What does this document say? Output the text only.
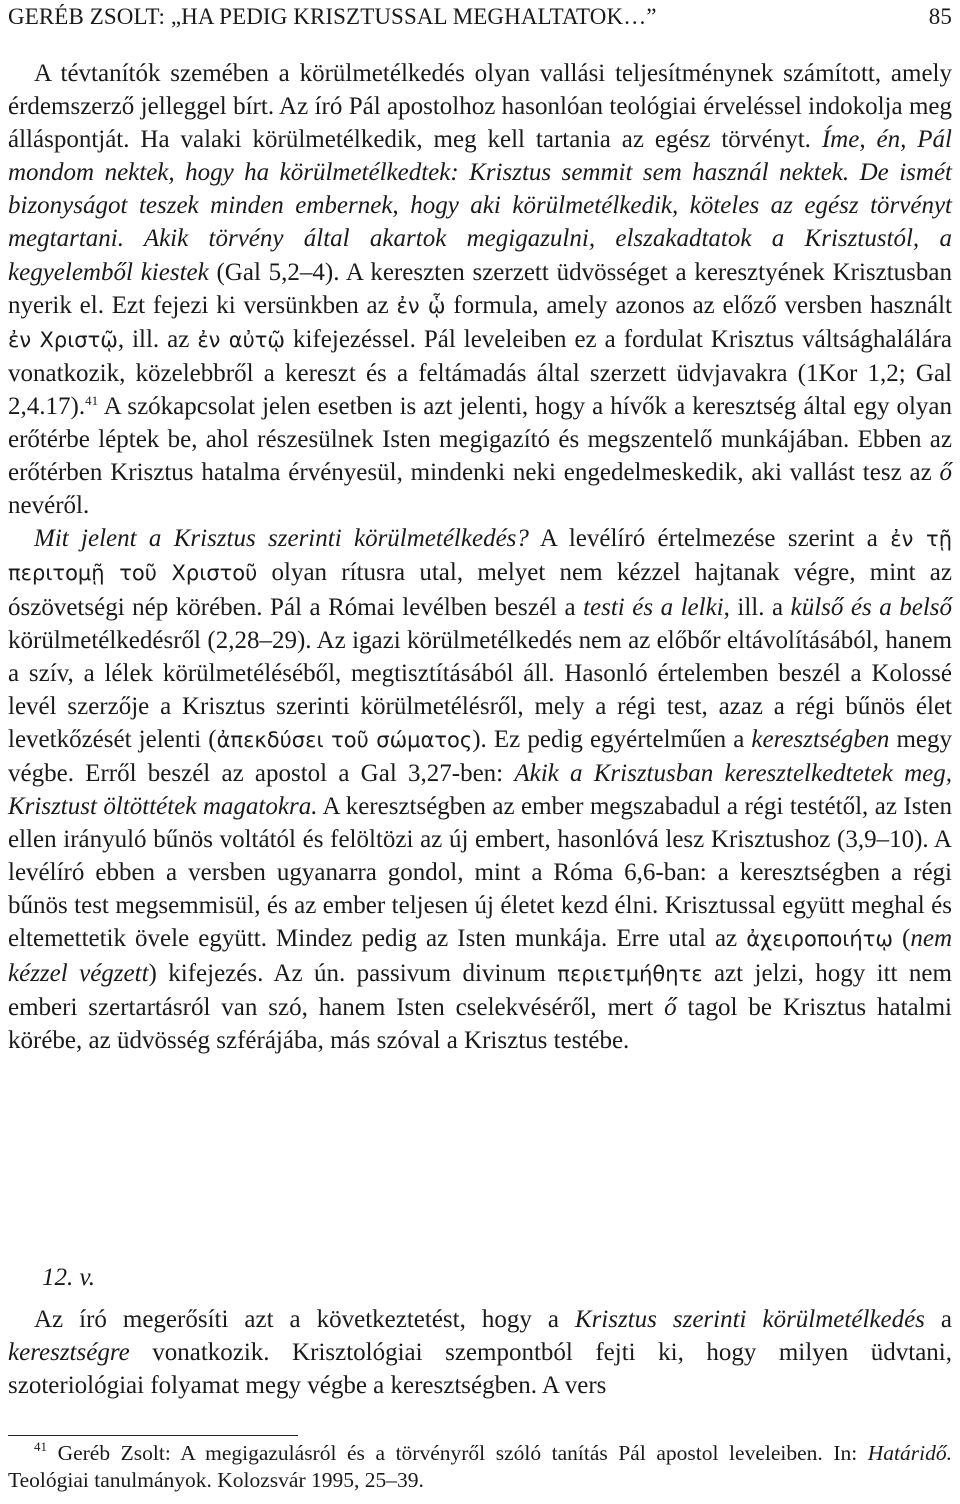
GERÉB ZSOLT: „HA PEDIG KRISZTUSSAL MEGHALTATOK…”	85

A tévtanítók szemében a körülmetélkedés olyan vallási teljesítménynek számított, amely érdemszerző jelleggel bírt. Az író Pál apostolhoz hasonlóan teológiai érveléssel indokolja meg álláspontját. Ha valaki körülmetélkedik, meg kell tartania az egész törvényt. Íme, én, Pál mondom nektek, hogy ha körülmetélkedtek: Krisztus semmit sem használ nektek. De ismét bizonyságot teszek minden embernek, hogy aki körülmetélkedik, köteles az egész törvényt megtartani. Akik törvény által akartok megigazulni, elszakadtatok a Krisztustól, a kegyelemből kiestek (Gal 5,2–4). A kereszten szerzett üdvösséget a keresztyének Krisztusban nyerik el. Ezt fejezi ki versünkben az ἐν ᾧ formula, amely azonos az előző versben használt ἐν Χριστῷ, ill. az ἐν αὐτῷ kifejezéssel. Pál leveleiben ez a fordulat Krisztus váltsághalálára vonatkozik, közelebbről a kereszt és a feltámadás által szerzett üdvjavakra (1Kor 1,2; Gal 2,4.17).$^{41}$ A szókapcsolat jelen esetben is azt jelenti, hogy a hívők a keresztség által egy olyan erőtérbe léptek be, ahol részesülnek Isten megigazító és megszentelő munkájában. Ebben az erőtérben Krisztus hatalma érvényesül, mindenki neki engedelmeskedik, aki vallást tesz az ő nevéről.

Mit jelent a Krisztus szerinti körülmetélkedés? A levélíró értelmezése szerint a ἐν τῇ περιτομῇ τοῦ Χριστοῦ olyan rítusra utal, melyet nem kézzel hajtanak végre, mint az ószövetségi nép körében. Pál a Római levélben beszél a testi és a lelki, ill. a külső és a belső körülmetélkedésről (2,28–29). Az igazi körülmetélkedés nem az előbőr eltávolításából, hanem a szív, a lélek körülmetéléséből, megtisztításából áll. Hasonló értelemben beszél a Kolossé levél szerzője a Krisztus szerinti körülmetélésről, mely a régi test, azaz a régi bűnös élet levetkőzését jelenti (ἀπεκδύσει τοῦ σώματος). Ez pedig egyértelműen a keresztségben megy végbe. Erről beszél az apostol a Gal 3,27-ben: Akik a Krisztusban keresztelkedtetek meg, Krisztust öltöttétek magatokra. A keresztségben az ember megszabadul a régi testétől, az Isten ellen irányuló bűnös voltától és felöltözi az új embert, hasonlóvá lesz Krisztushoz (3,9–10). A levélíró ebben a versben ugyanarra gondol, mint a Róma 6,6-ban: a keresztségben a régi bűnös test megsemmisül, és az ember teljesen új életet kezd élni. Krisztussal együtt meghal és eltemettetik övele együtt. Mindez pedig az Isten munkája. Erre utal az ἀχειροποιήτῳ (nem kézzel végzett) kifejezés. Az ún. passivum divinum περιετμήθητε azt jelzi, hogy itt nem emberi szertartásról van szó, hanem Isten cselekvéséről, mert ő tagol be Krisztus hatalmi körébe, az üdvösség szférájába, más szóval a Krisztus testébe.

12. v.

Az író megerősíti azt a következtetést, hogy a Krisztus szerinti körülmetélkedés a keresztségre vonatkozik. Krisztológiai szempontból fejti ki, hogy milyen üdvtani, szoteriológiai folyamat megy végbe a keresztségben. A vers

$^{41}$ Geréb Zsolt: A megigazulásról és a törvényről szóló tanítás Pál apostol leveleiben. In: Határidő. Teológiai tanulmányok. Kolozsvár 1995, 25–39.
